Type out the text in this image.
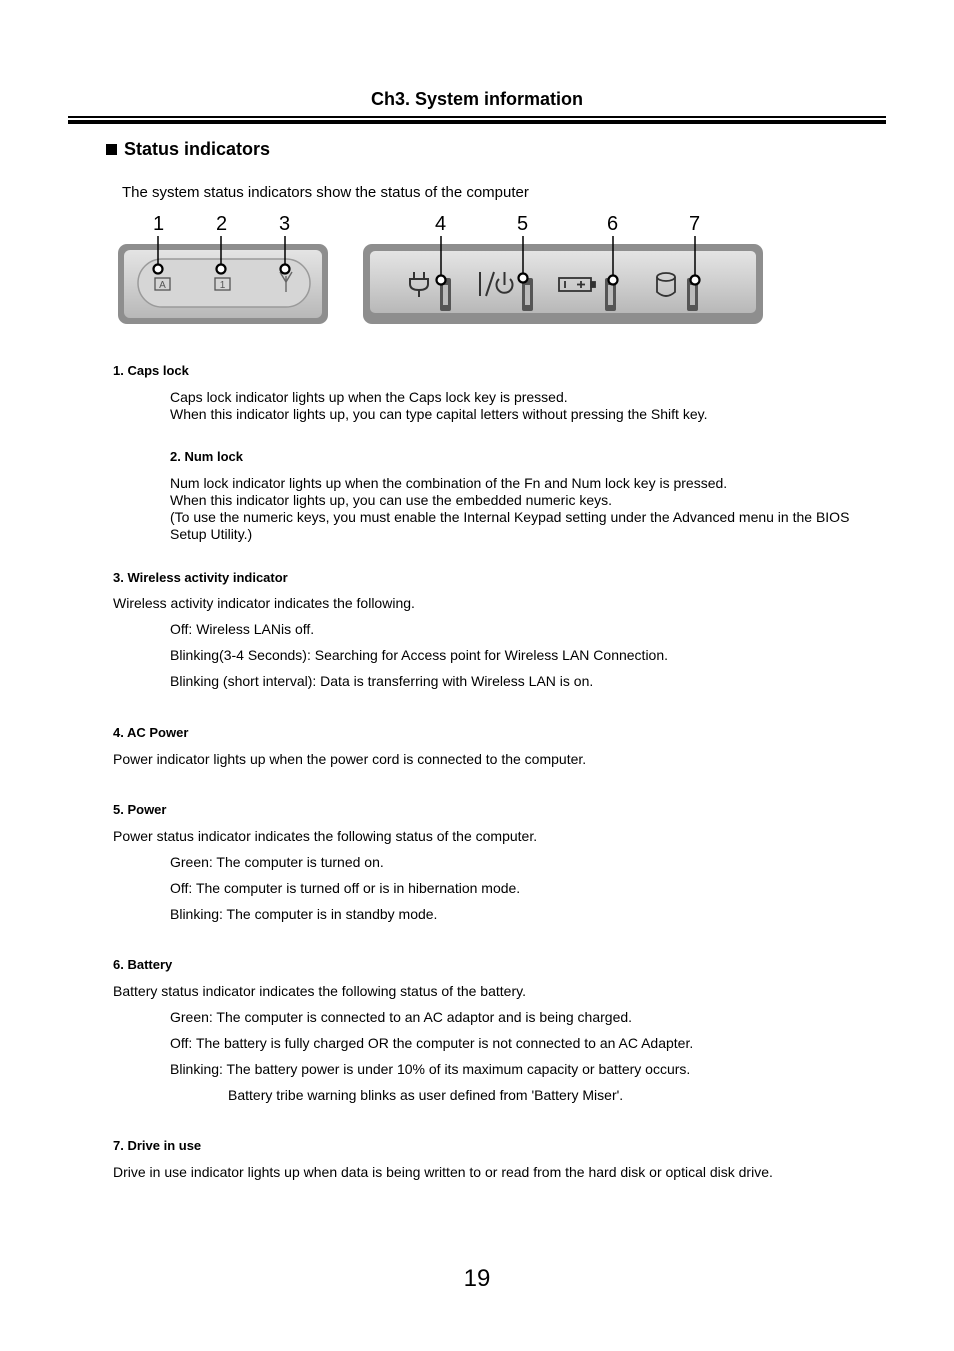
Ch3. System information
Status indicators
The system status indicators show the status of the computer
1	2	3	4	5	6	7
A	1
1. Caps lock
Caps lock indicator lights up when the Caps lock key is pressed.
When this indicator lights up, you can type capital letters without pressing the Shift key.
2. Num lock
Num lock indicator lights up when the combination of the Fn and Num lock key is pressed.
When this indicator lights up, you can use the embedded numeric keys.
(To use the numeric keys, you must enable the Internal Keypad setting under the Advanced menu in the BIOS
Setup Utility.)
3. Wireless activity indicator
Wireless activity indicator indicates the following.
Off: Wireless LANis off.
Blinking(3-4 Seconds): Searching for Access point for Wireless LAN Connection.
Blinking (short interval): Data is transferring with Wireless LAN is on.
4. AC Power
Power indicator lights up when the power cord is connected to the computer.
5. Power
Power status indicator indicates the following status of the computer.
Green: The computer is turned on.
Off: The computer is turned off or is in hibernation mode.
Blinking: The computer is in standby mode.
6. Battery
Battery status indicator indicates the following status of the battery.
Green: The computer is connected to an AC adaptor and is being charged.
Off: The battery is fully charged OR the computer is not connected to an AC Adapter.
Blinking: The battery power is under 10% of its maximum capacity or battery occurs.
Battery tribe warning blinks as user defined from 'Battery Miser'.
7. Drive in use
Drive in use indicator lights up when data is being written to or read from the hard disk or optical disk drive.
19
